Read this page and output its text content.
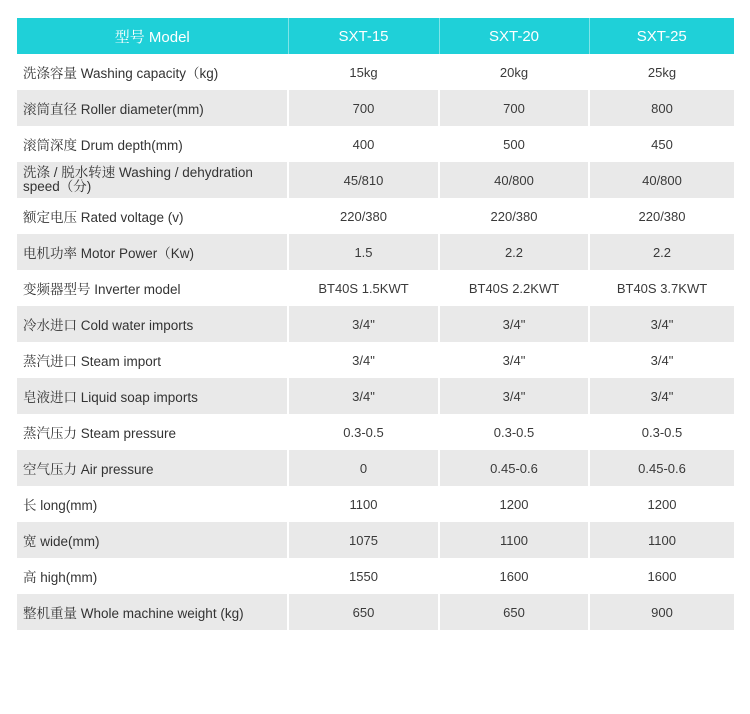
型号 Model	SXT-15	SXT-20	SXT-25
洗涤容量 Washing capacity（kg)	15kg	20kg	25kg
滚筒直径 Roller diameter(mm)	700	700	800
滚筒深度 Drum depth(mm)	400	500	450
洗涤 / 脱水转速 Washing / dehydration speed（分)	45/810	40/800	40/800
额定电压 Rated voltage (v)	220/380	220/380	220/380
电机功率 Motor Power（Kw)	1.5	2.2	2.2
变频器型号 Inverter model	BT40S 1.5KWT	BT40S 2.2KWT	BT40S 3.7KWT
冷水进口 Cold water imports	3/4"	3/4"	3/4"
蒸汽进口 Steam import	3/4"	3/4"	3/4"
皂液进口 Liquid soap imports	3/4"	3/4"	3/4"
蒸汽压力 Steam pressure	0.3-0.5	0.3-0.5	0.3-0.5
空气压力 Air pressure	0	0.45-0.6	0.45-0.6
长 long(mm)	1100	1200	1200
宽 wide(mm)	1075	1100	1100
高 high(mm)	1550	1600	1600
整机重量 Whole machine weight (kg)	650	650	900
